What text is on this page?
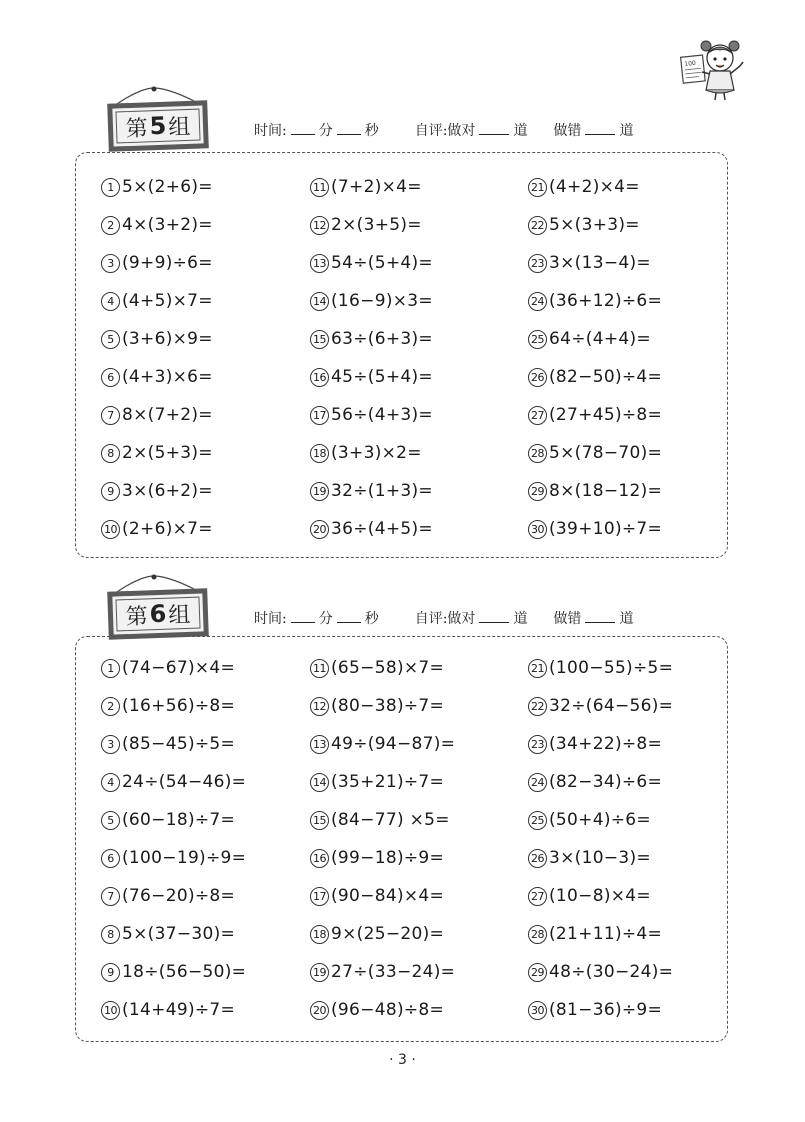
100
第 5 组	时间: 分 秒	自评:做对	道 做错	道
1 5×(2+6)=
2 4×(3+2)=
3 (9+9)÷6=
4 (4+5)×7=
5 (3+6)×9=
6 (4+3)×6=
7 8×(7+2)=
8 2×(5+3)=
9 3×(6+2)=
10 (2+6)×7=
11 (7+2)×4=
12 2×(3+5)=
13 54÷(5+4)=
14 (16−9)×3=
15 63÷(6+3)=
16 45÷(5+4)=
17 56÷(4+3)=
18 (3+3)×2=
19 32÷(1+3)=
20 36÷(4+5)=
21 (4+2)×4=
22 5×(3+3)=
23 3×(13−4)=
24 (36+12)÷6=
25 64÷(4+4)=
26 (82−50)÷4=
27 (27+45)÷8=
28 5×(78−70)=
29 8×(18−12)=
30 (39+10)÷7=
第 6 组	时间: 分 秒	自评:做对	道 做错	道
1 (74−67)×4=
2 (16+56)÷8=
3 (85−45)÷5=
4 24÷(54−46)=
5 (60−18)÷7=
6 (100−19)÷9=
7 (76−20)÷8=
8 5×(37−30)=
9 18÷(56−50)=
10 (14+49)÷7=
11 (65−58)×7=
12 (80−38)÷7=
13 49÷(94−87)=
14 (35+21)÷7=
15 (84−77) ×5=
16 (99−18)÷9=
17 (90−84)×4=
18 9×(25−20)=
19 27÷(33−24)=
20 (96−48)÷8=
21 (100−55)÷5=
22 32÷(64−56)=
23 (34+22)÷8=
24 (82−34)÷6=
25 (50+4)÷6=
26 3×(10−3)=
27 (10−8)×4=
28 (21+11)÷4=
29 48÷(30−24)=
30 (81−36)÷9=
· 3 ·
